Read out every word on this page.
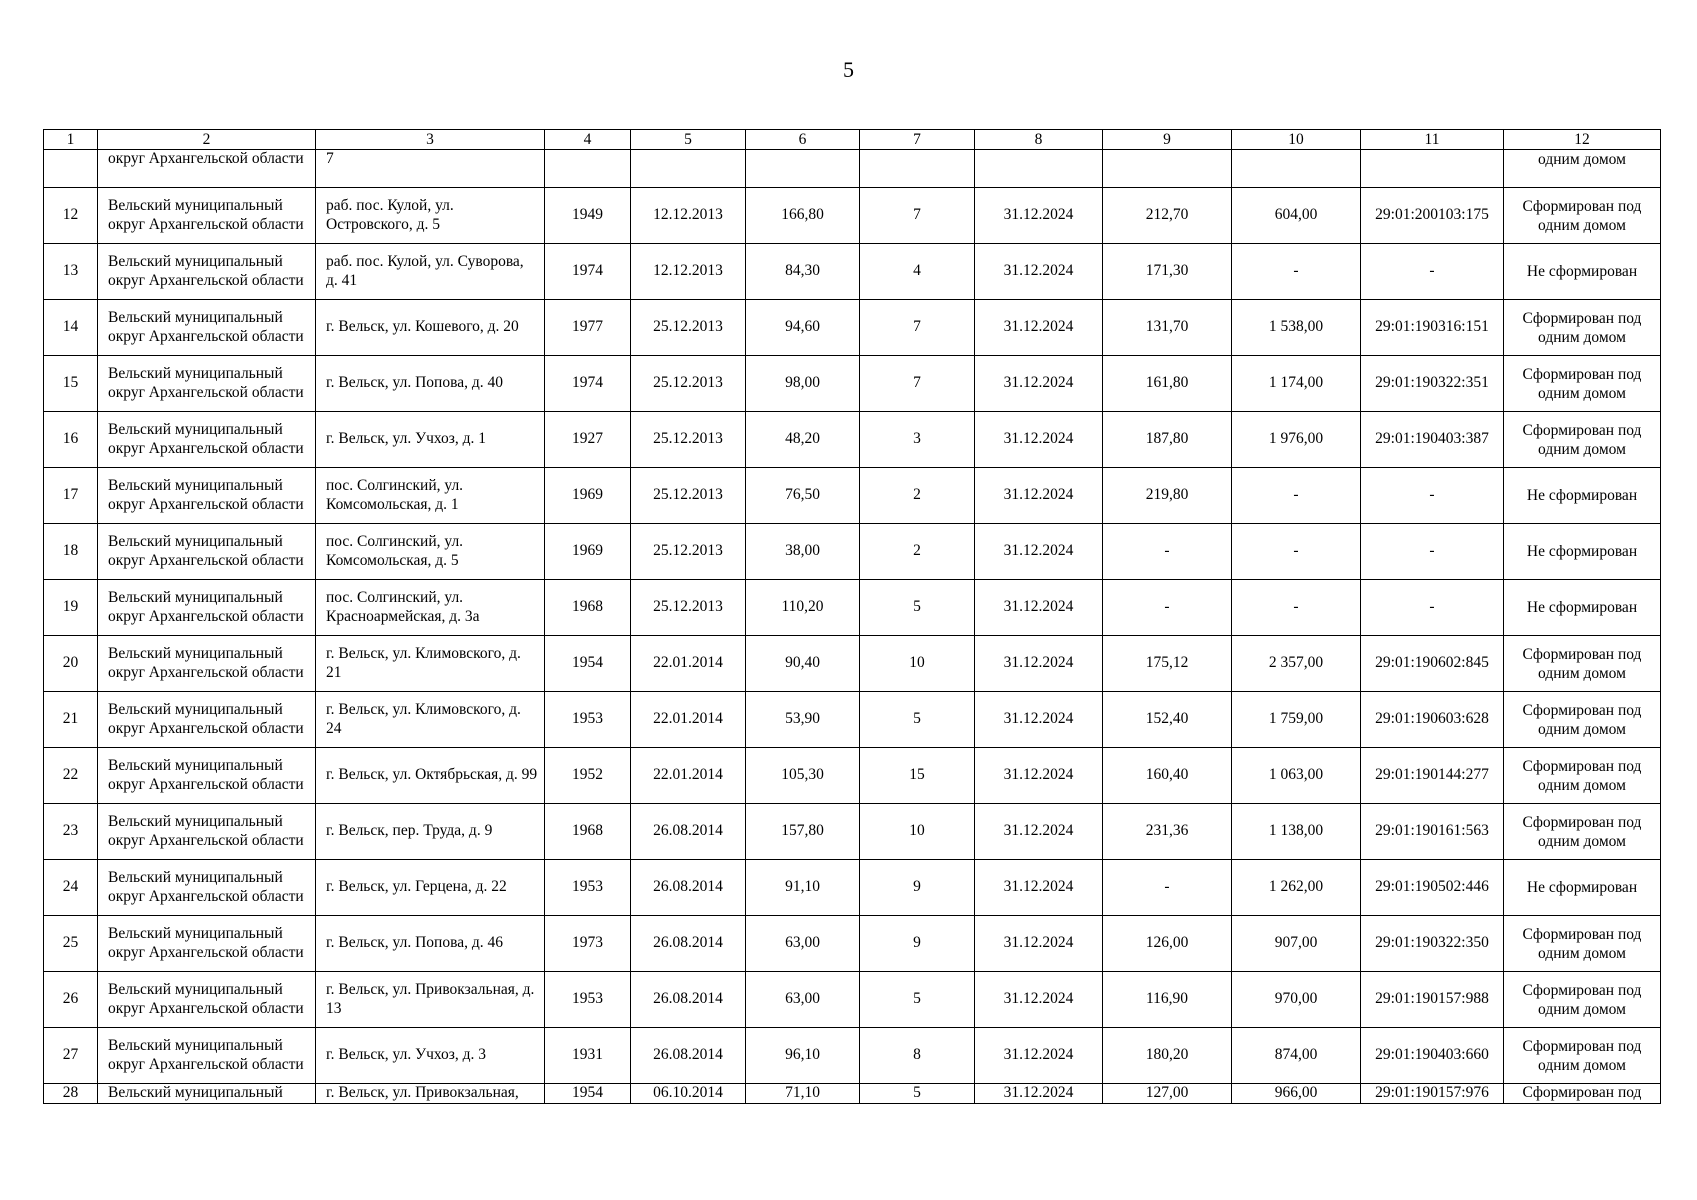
5
1	2	3	4	5	6	7	8	9	10	11	12
	округ Архангельской области	7									одним домом
12	Вельский муниципальный округ Архангельской области	раб. пос. Кулой, ул. Островского, д. 5	1949	12.12.2013	166,80	7	31.12.2024	212,70	604,00	29:01:200103:175	Сформирован под одним домом
13	Вельский муниципальный округ Архангельской области	раб. пос. Кулой, ул. Суворова, д. 41	1974	12.12.2013	84,30	4	31.12.2024	171,30	-	-	Не сформирован
14	Вельский муниципальный округ Архангельской области	г. Вельск, ул. Кошевого, д. 20	1977	25.12.2013	94,60	7	31.12.2024	131,70	1 538,00	29:01:190316:151	Сформирован под одним домом
15	Вельский муниципальный округ Архангельской области	г. Вельск, ул. Попова, д. 40	1974	25.12.2013	98,00	7	31.12.2024	161,80	1 174,00	29:01:190322:351	Сформирован под одним домом
16	Вельский муниципальный округ Архангельской области	г. Вельск, ул. Учхоз, д. 1	1927	25.12.2013	48,20	3	31.12.2024	187,80	1 976,00	29:01:190403:387	Сформирован под одним домом
17	Вельский муниципальный округ Архангельской области	пос. Солгинский, ул. Комсомольская, д. 1	1969	25.12.2013	76,50	2	31.12.2024	219,80	-	-	Не сформирован
18	Вельский муниципальный округ Архангельской области	пос. Солгинский, ул. Комсомольская, д. 5	1969	25.12.2013	38,00	2	31.12.2024	-	-	-	Не сформирован
19	Вельский муниципальный округ Архангельской области	пос. Солгинский, ул. Красноармейская, д. 3а	1968	25.12.2013	110,20	5	31.12.2024	-	-	-	Не сформирован
20	Вельский муниципальный округ Архангельской области	г. Вельск, ул. Климовского, д. 21	1954	22.01.2014	90,40	10	31.12.2024	175,12	2 357,00	29:01:190602:845	Сформирован под одним домом
21	Вельский муниципальный округ Архангельской области	г. Вельск, ул. Климовского, д. 24	1953	22.01.2014	53,90	5	31.12.2024	152,40	1 759,00	29:01:190603:628	Сформирован под одним домом
22	Вельский муниципальный округ Архангельской области	г. Вельск, ул. Октябрьская, д. 99	1952	22.01.2014	105,30	15	31.12.2024	160,40	1 063,00	29:01:190144:277	Сформирован под одним домом
23	Вельский муниципальный округ Архангельской области	г. Вельск, пер. Труда, д. 9	1968	26.08.2014	157,80	10	31.12.2024	231,36	1 138,00	29:01:190161:563	Сформирован под одним домом
24	Вельский муниципальный округ Архангельской области	г. Вельск, ул. Герцена, д. 22	1953	26.08.2014	91,10	9	31.12.2024	-	1 262,00	29:01:190502:446	Не сформирован
25	Вельский муниципальный округ Архангельской области	г. Вельск, ул. Попова, д. 46	1973	26.08.2014	63,00	9	31.12.2024	126,00	907,00	29:01:190322:350	Сформирован под одним домом
26	Вельский муниципальный округ Архангельской области	г. Вельск, ул. Привокзальная, д. 13	1953	26.08.2014	63,00	5	31.12.2024	116,90	970,00	29:01:190157:988	Сформирован под одним домом
27	Вельский муниципальный округ Архангельской области	г. Вельск, ул. Учхоз, д. 3	1931	26.08.2014	96,10	8	31.12.2024	180,20	874,00	29:01:190403:660	Сформирован под одним домом
28	Вельский муниципальный	г. Вельск, ул. Привокзальная,	1954	06.10.2014	71,10	5	31.12.2024	127,00	966,00	29:01:190157:976	Сформирован под
